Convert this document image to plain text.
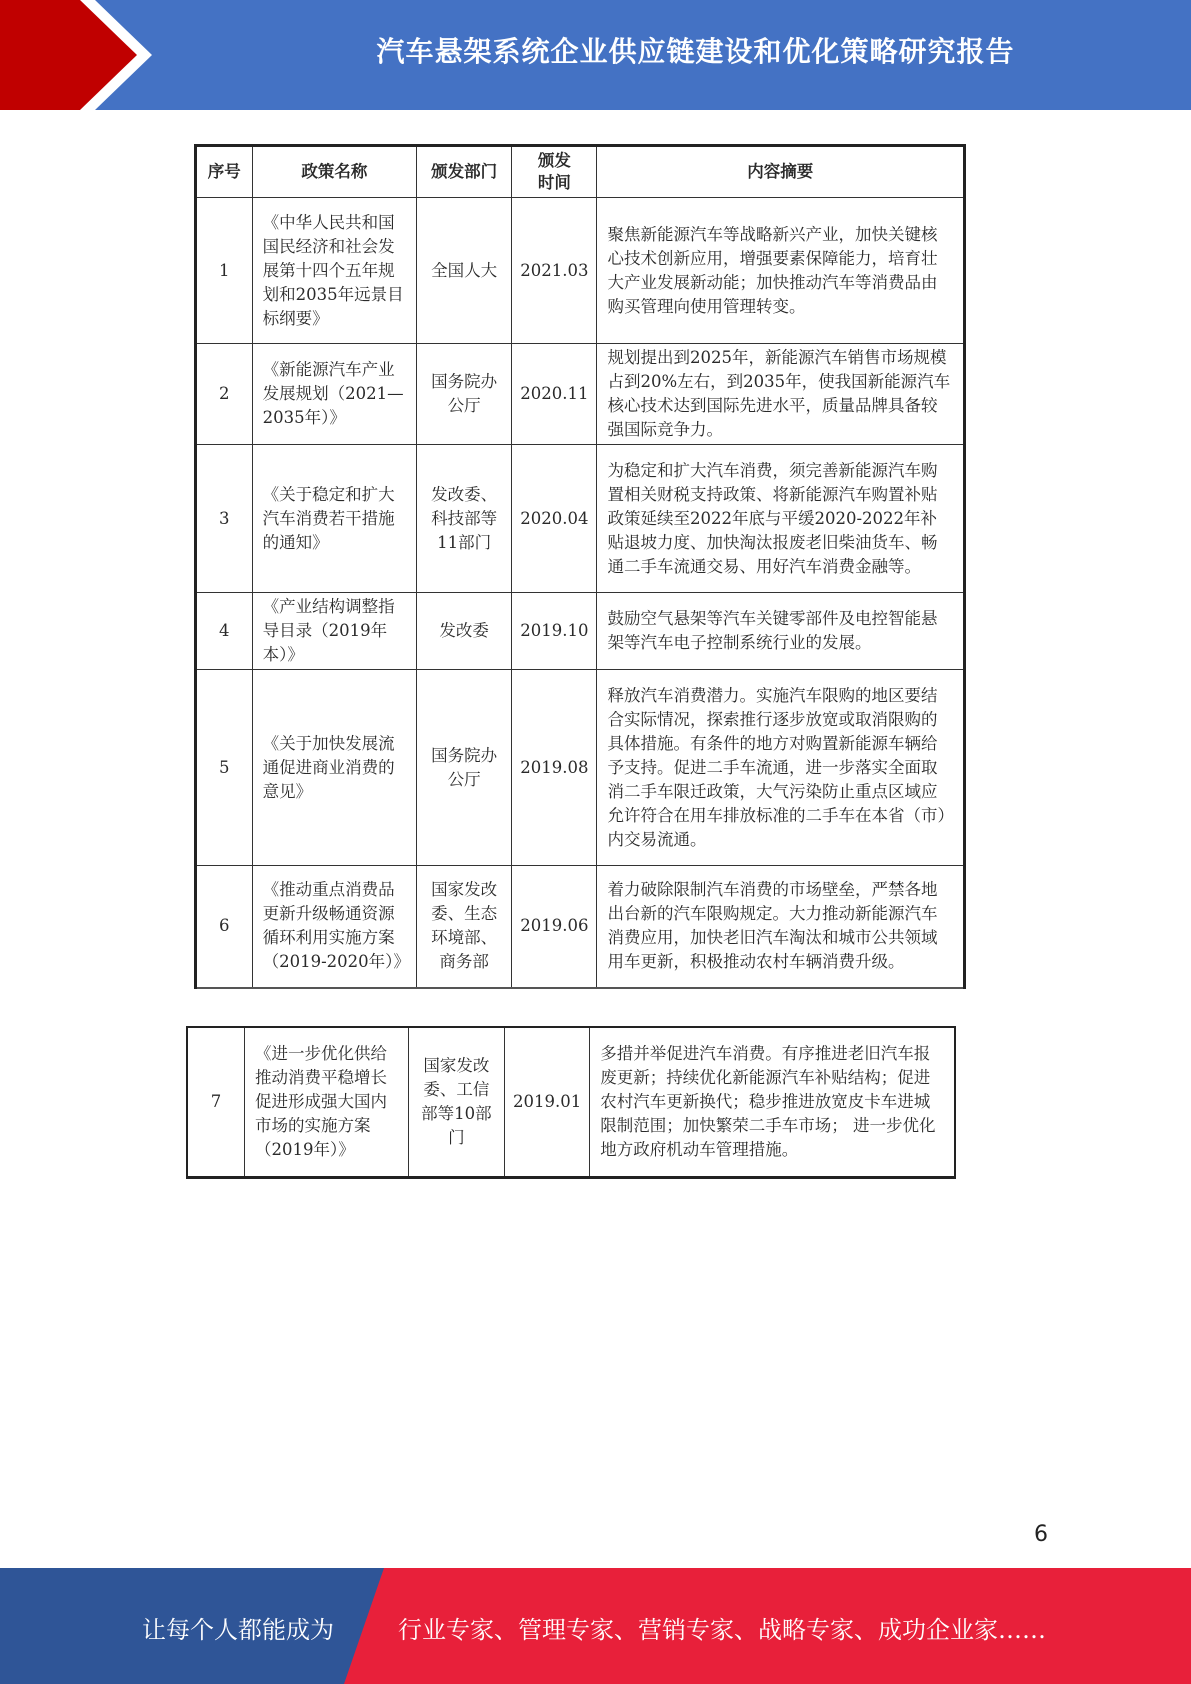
汽车悬架系统企业供应链建设和优化策略研究报告
序号	政策名称	颁发部门	颁发时间	内容摘要
1	《中华人民共和国国民经济和社会发展第十四个五年规划和2035年远景目标纲要》	全国人大	2021.03	聚焦新能源汽车等战略新兴产业，加快关键核心技术创新应用，增强要素保障能力，培育壮大产业发展新动能；加快推动汽车等消费品由购买管理向使用管理转变。
2	《新能源汽车产业发展规划（2021—2035年）》	国务院办公厅	2020.11	规划提出到2025年，新能源汽车销售市场规模占到20%左右，到2035年，使我国新能源汽车核心技术达到国际先进水平，质量品牌具备较强国际竞争力。
3	《关于稳定和扩大汽车消费若干措施的通知》	发改委、科技部等11部门	2020.04	为稳定和扩大汽车消费，须完善新能源汽车购置相关财税支持政策、将新能源汽车购置补贴政策延续至2022年底与平缓2020-2022年补贴退坡力度、加快淘汰报废老旧柴油货车、畅通二手车流通交易、用好汽车消费金融等。
4	《产业结构调整指导目录（2019年本）》	发改委	2019.10	鼓励空气悬架等汽车关键零部件及电控智能悬架等汽车电子控制系统行业的发展。
5	《关于加快发展流通促进商业消费的意见》	国务院办公厅	2019.08	释放汽车消费潜力。实施汽车限购的地区要结合实际情况，探索推行逐步放宽或取消限购的具体措施。有条件的地方对购置新能源车辆给予支持。促进二手车流通，进一步落实全面取消二手车限迁政策，大气污染防止重点区域应允许符合在用车排放标准的二手车在本省（市）内交易流通。
6	《推动重点消费品更新升级畅通资源循环利用实施方案（2019-2020年）》	国家发改委、生态环境部、商务部	2019.06	着力破除限制汽车消费的市场壁垒，严禁各地出台新的汽车限购规定。大力推动新能源汽车消费应用，加快老旧汽车淘汰和城市公共领域用车更新，积极推动农村车辆消费升级。
7	《进一步优化供给推动消费平稳增长促进形成强大国内市场的实施方案（2019年）》	国家发改委、工信部等10部门	2019.01	多措并举促进汽车消费。有序推进老旧汽车报废更新；持续优化新能源汽车补贴结构；促进农村汽车更新换代；稳步推进放宽皮卡车进城限制范围；加快繁荣二手车市场； 进一步优化地方政府机动车管理措施。
6
让每个人都能成为	行业专家、管理专家、营销专家、战略专家、成功企业家……
